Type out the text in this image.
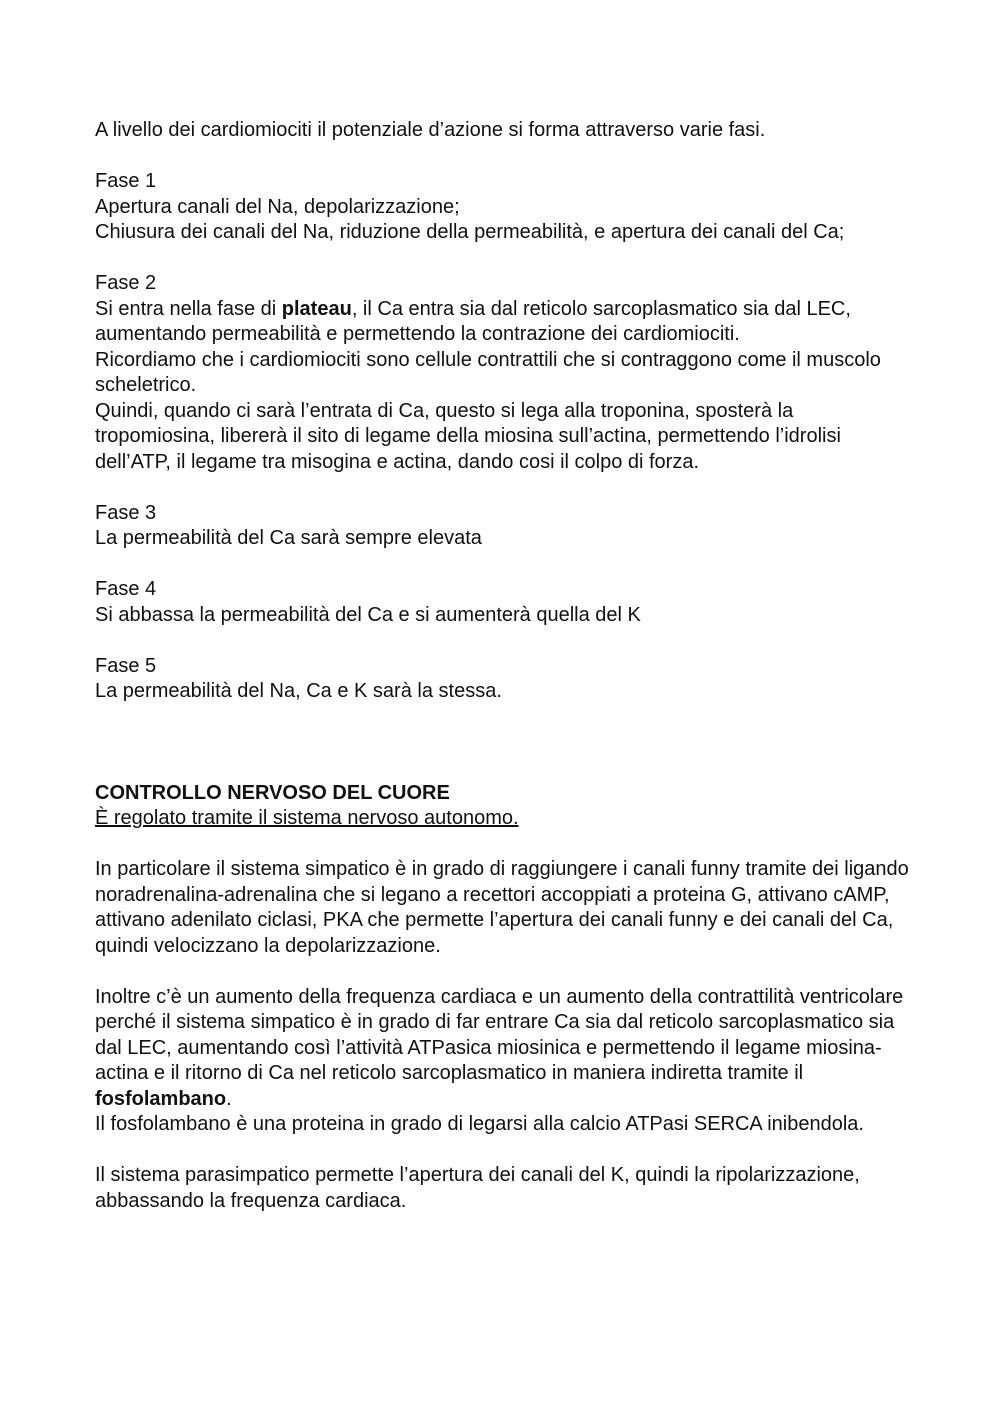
A livello dei cardiomiociti il potenziale d’azione si forma attraverso varie fasi.

Fase 1

Apertura canali del Na, depolarizzazione;

Chiusura dei canali del Na, riduzione della permeabilità, e apertura dei canali del Ca;

Fase 2

Si entra nella fase di plateau, il Ca entra sia dal reticolo sarcoplasmatico sia dal LEC, aumentando permeabilità e permettendo la contrazione dei cardiomiociti.

Ricordiamo che i cardiomiociti sono cellule contrattili che si contraggono come il muscolo scheletrico.

Quindi, quando ci sarà l’entrata di Ca, questo si lega alla troponina, sposterà la tropomiosina, libererà il sito di legame della miosina sull’actina, permettendo l’idrolisi dell’ATP, il legame tra misogina e actina, dando cosi il colpo di forza.

Fase 3

La permeabilità del Ca sarà sempre elevata

Fase 4

Si abbassa la permeabilità del Ca e si aumenterà quella del K

Fase 5

La permeabilità del Na, Ca e K sarà la stessa.

CONTROLLO NERVOSO DEL CUORE

È regolato tramite il sistema nervoso autonomo.

In particolare il sistema simpatico è in grado di raggiungere i canali funny tramite dei ligando noradrenalina-adrenalina che si legano a recettori accoppiati a proteina G, attivano cAMP, attivano adenilato ciclasi, PKA che permette l’apertura dei canali funny e dei canali del Ca, quindi velocizzano la depolarizzazione.

Inoltre c’è un aumento della frequenza cardiaca e un aumento della contrattilità ventricolare perché il sistema simpatico è in grado di far entrare Ca sia dal reticolo sarcoplasmatico sia dal LEC, aumentando così l’attività ATPasica miosinica e permettendo il legame miosina-actina e il ritorno di Ca nel reticolo sarcoplasmatico in maniera indiretta tramite il fosfolambano.

Il fosfolambano è una proteina in grado di legarsi alla calcio ATPasi SERCA inibendola.

Il sistema parasimpatico permette l’apertura dei canali del K, quindi la ripolarizzazione, abbassando la frequenza cardiaca.
